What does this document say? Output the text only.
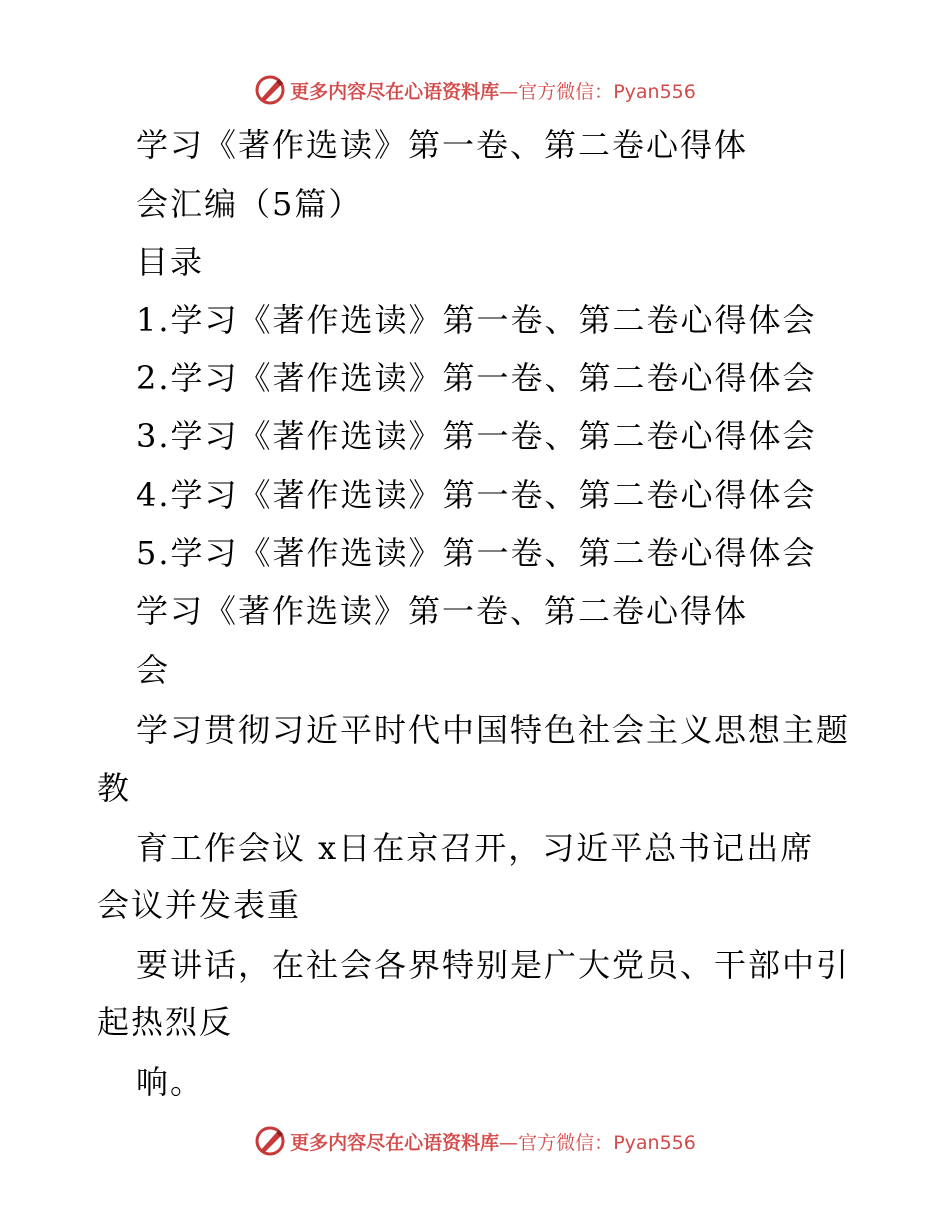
更多内容尽在心语资料库—官方微信：Pyan556
学习《著作选读》第一卷、第二卷心得体
会汇编（5篇）
目录
1.学习《著作选读》第一卷、第二卷心得体会
2.学习《著作选读》第一卷、第二卷心得体会
3.学习《著作选读》第一卷、第二卷心得体会
4.学习《著作选读》第一卷、第二卷心得体会
5.学习《著作选读》第一卷、第二卷心得体会
学习《著作选读》第一卷、第二卷心得体
会
学习贯彻习近平时代中国特色社会主义思想主题
教
育工作会议 x日在京召开，习近平总书记出席
会议并发表重
要讲话，在社会各界特别是广大党员、干部中引
起热烈反
响。
更多内容尽在心语资料库—官方微信：Pyan556
